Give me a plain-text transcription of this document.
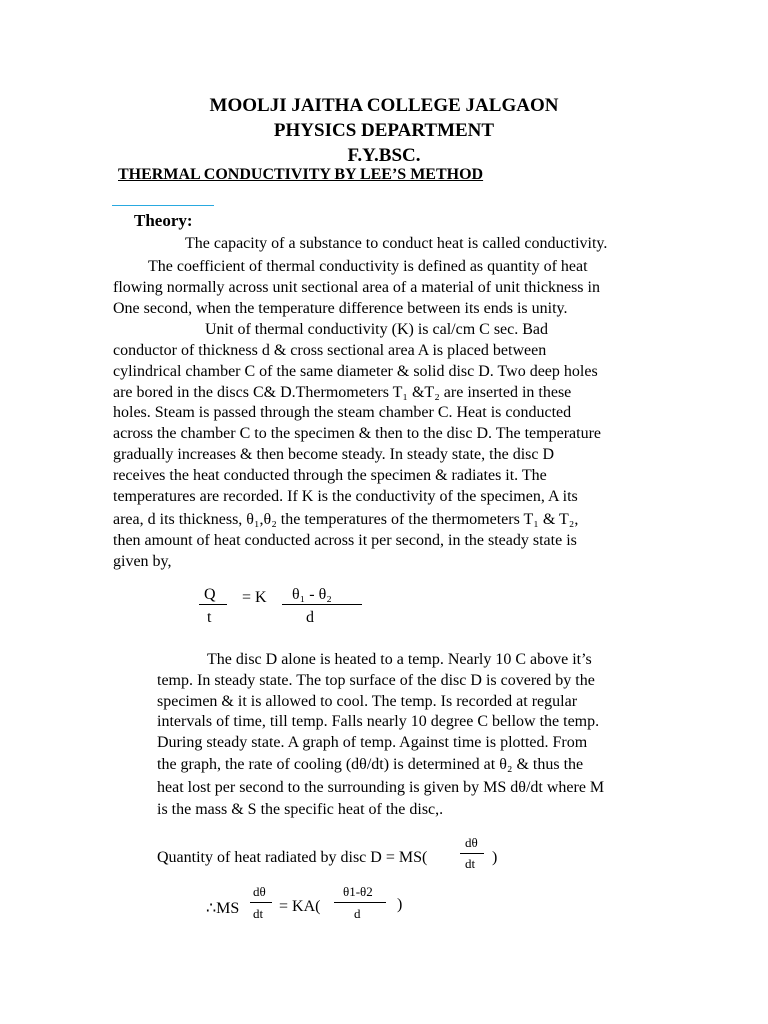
MOOLJI JAITHA COLLEGE JALGAON
PHYSICS DEPARTMENT
F.Y.BSC.
THERMAL CONDUCTIVITY BY LEE’S METHOD
Theory:
The capacity of a substance to conduct heat is called conductivity.
The coefficient of thermal conductivity is defined as quantity of heat
flowing normally across unit sectional area of a material of unit thickness in
One second, when the temperature difference between its ends is unity.
Unit of thermal conductivity (K) is cal/cm C sec. Bad
conductor of thickness d & cross sectional area A is placed between
cylindrical chamber C of the same diameter & solid disc D. Two deep holes
are bored in the discs C& D.Thermometers T₁ &T₂ are inserted in these
holes. Steam is passed through the steam chamber C. Heat is conducted
across the chamber C to the specimen & then to the disc D. The temperature
gradually increases & then become steady. In steady state, the disc D
receives the heat conducted through the specimen & radiates it. The
temperatures are recorded. If K is the conductivity of the specimen, A its
area, d its thickness, θ₁,θ₂ the temperatures of the thermometers T₁ & T₂,
then amount of heat conducted across it per second, in the steady state is
given by,
Q
t
= K θ₁ - θ₂
d
The disc D alone is heated to a temp. Nearly 10 C above it’s
temp. In steady state. The top surface of the disc D is covered by the
specimen & it is allowed to cool. The temp. Is recorded at regular
intervals of time, till temp. Falls nearly 10 degree C bellow the temp.
During steady state. A graph of temp. Against time is plotted. From
the graph, the rate of cooling (dθ/dt) is determined at θ₂ & thus the
heat lost per second to the surrounding is given by MS dθ/dt where M
is the mass & S the specific heat of the disc,.
Quantity of heat radiated by disc D = MS(
dθ
dt )
∴MS
dθ
dt = KA(
θ1-θ2
d
)
